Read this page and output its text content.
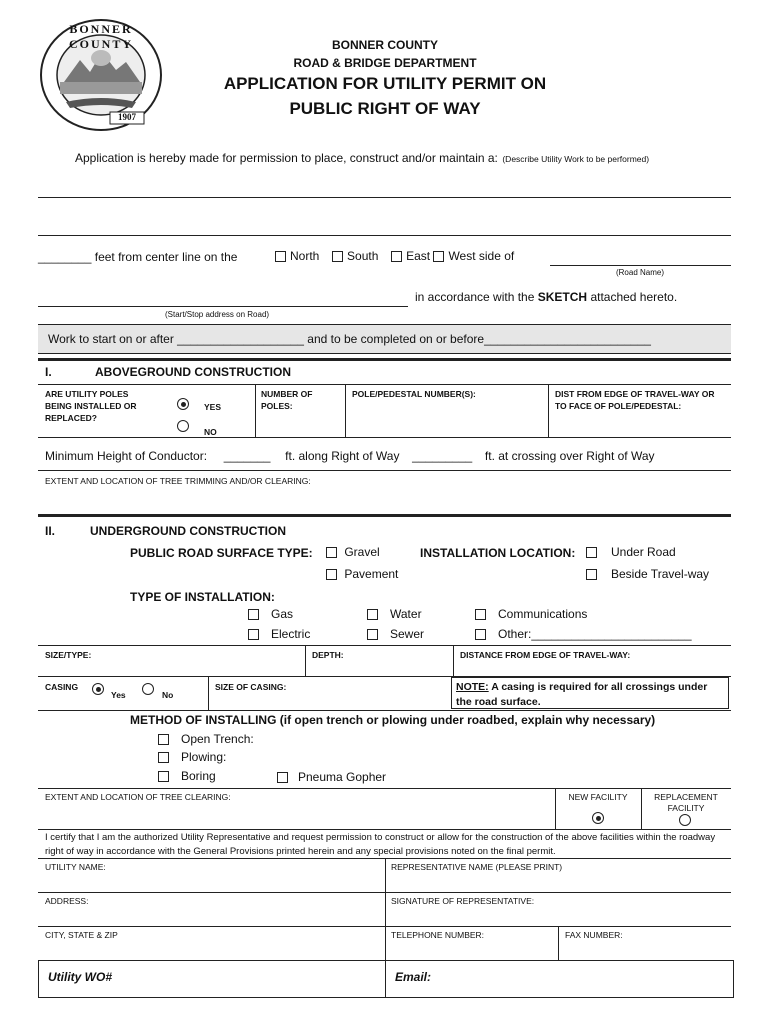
BONNER COUNTY
1907
BONNER COUNTY
ROAD & BRIDGE DEPARTMENT
APPLICATION FOR UTILITY PERMIT ON
PUBLIC RIGHT OF WAY
Application is hereby made for permission to place, construct and/or maintain a: (Describe Utility Work to be performed)
________ feet from center line on the	North South East West side of
(Road Name)
in accordance with the SKETCH attached hereto.
(Start/Stop address on Road)
Work to start on or after ___________________ and to be completed on or before_________________________
I.	ABOVEGROUND CONSTRUCTION
ARE UTILITY POLES BEING INSTALLED OR REPLACED?
YES
NO
NUMBER OF POLES:
POLE/PEDESTAL NUMBER(S):	DIST FROM EDGE OF TRAVEL-WAY OR TO FACE OF POLE/PEDESTAL:
Minimum Height of Conductor: _______ ft. along Right of Way _________ ft. at crossing over Right of Way
EXTENT AND LOCATION OF TREE TRIMMING AND/OR CLEARING:
II.	UNDERGROUND CONSTRUCTION
PUBLIC ROAD SURFACE TYPE:	Gravel
Pavement
INSTALLATION LOCATION:	Under Road
Beside Travel-way
TYPE OF INSTALLATION:
Gas
Electric
Water
Sewer
Communications
Other:________________________
SIZE/TYPE:	DEPTH:	DISTANCE FROM EDGE OF TRAVEL-WAY:
CASING
Yes	No
SIZE OF CASING:	NOTE: A casing is required for all crossings under the road surface.
METHOD OF INSTALLING (if open trench or plowing under roadbed, explain why necessary)
Open Trench:
Plowing:
Boring	Pneuma Gopher
EXTENT AND LOCATION OF TREE CLEARING:	NEW FACILITY	REPLACEMENT FACILITY
I certify that I am the authorized Utility Representative and request permission to construct or allow for the construction of the above facilities within the roadway right of way in accordance with the General Provisions printed herein and any special provisions noted on the final permit.
UTILITY NAME:	REPRESENTATIVE NAME (PLEASE PRINT)
ADDRESS:	SIGNATURE OF REPRESENTATIVE:
CITY, STATE & ZIP	TELEPHONE NUMBER:	FAX NUMBER:
Utility WO#	Email:
